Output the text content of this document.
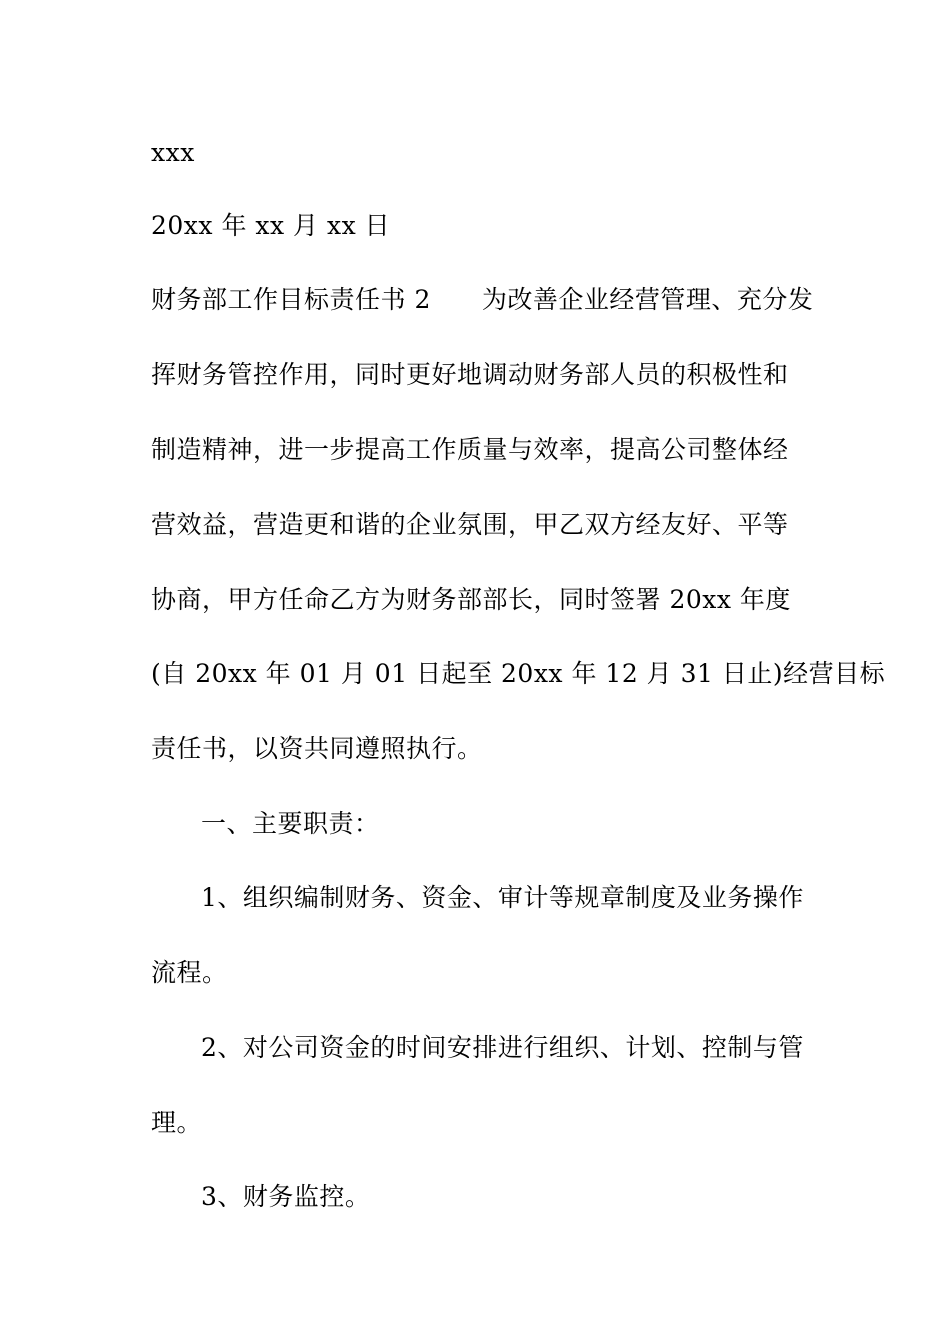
xxx
20xx 年 xx 月 xx 日
财务部工作目标责任书 2　　为改善企业经营管理、充分发
挥财务管控作用，同时更好地调动财务部人员的积极性和
制造精神，进一步提高工作质量与效率，提高公司整体经
营效益，营造更和谐的企业氛围，甲乙双方经友好、平等
协商，甲方任命乙方为财务部部长，同时签署 20xx 年度
(自 20xx 年 01 月 01 日起至 20xx 年 12 月 31 日止)经营目标
责任书，以资共同遵照执行。
一、主要职责：
1、组织编制财务、资金、审计等规章制度及业务操作
流程。
2、对公司资金的时间安排进行组织、计划、控制与管
理。
3、财务监控。
